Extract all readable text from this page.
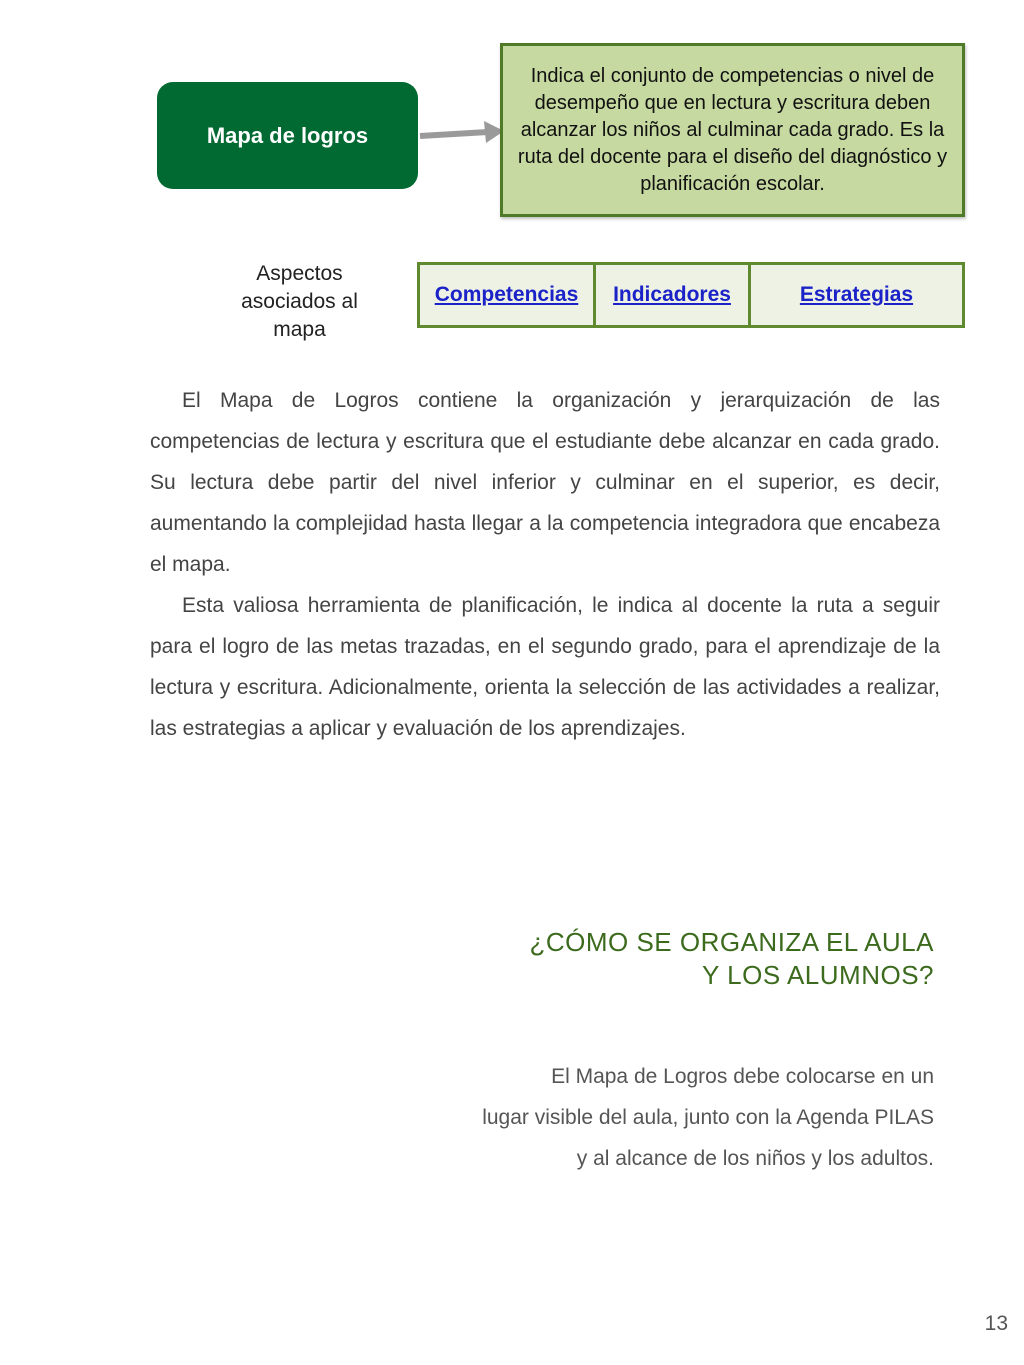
Mapa de logros
Indica el conjunto de competencias o nivel de desempeño que en lectura y escritura deben alcanzar los niños al culminar cada grado. Es la ruta del docente para el diseño del diagnóstico y planificación escolar.
Aspectos asociados al mapa
Competencias	Indicadores	Estrategias
El Mapa de Logros contiene la organización y jerarquización de las competencias de lectura y escritura que el estudiante debe alcanzar en cada grado. Su lectura debe partir del nivel inferior y culminar en el superior, es decir, aumentando la complejidad hasta llegar a la competencia integradora que encabeza el mapa.
Esta valiosa herramienta de planificación, le indica al docente la ruta a seguir para el logro de las metas trazadas, en el segundo grado, para el aprendizaje de la lectura y escritura. Adicionalmente, orienta la selección de las actividades a realizar, las estrategias a aplicar y evaluación de los aprendizajes.
¿CÓMO SE ORGANIZA EL AULA
Y LOS ALUMNOS?
El Mapa de Logros debe colocarse en un
lugar visible del aula, junto con la Agenda PILAS
y al alcance de los niños y los adultos.
13
